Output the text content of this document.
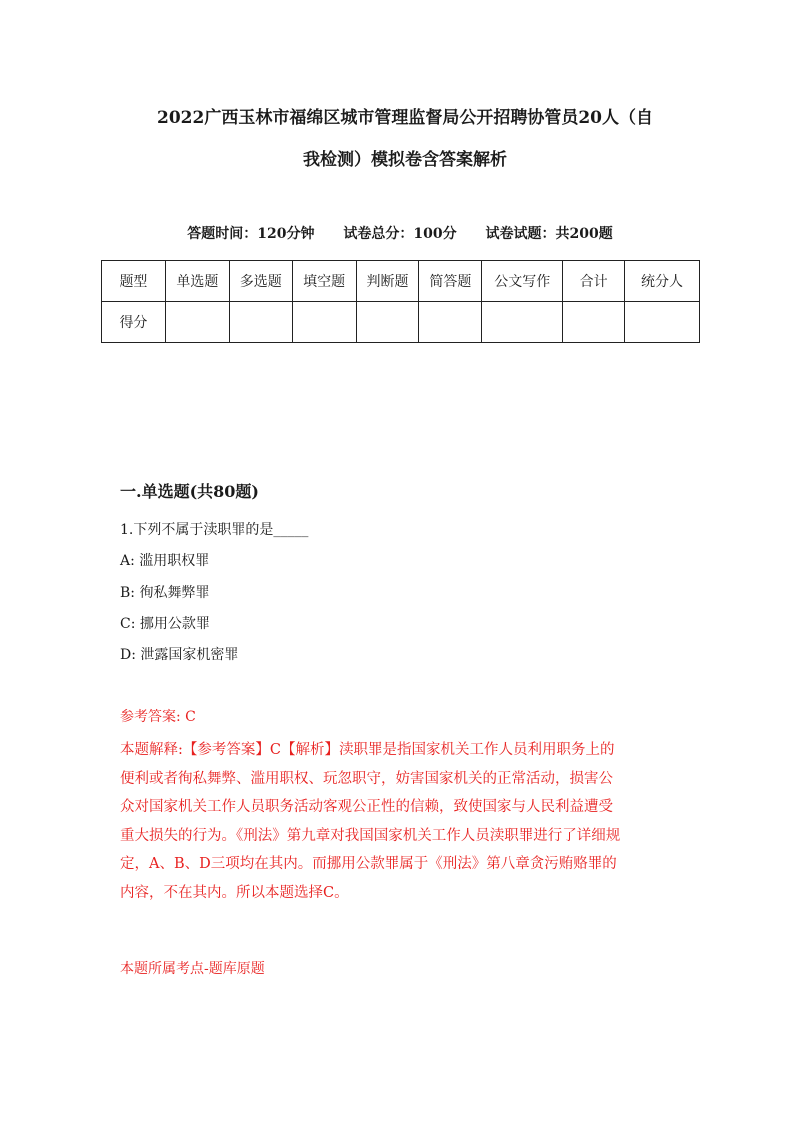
2022广西玉林市福绵区城市管理监督局公开招聘协管员20人（自
我检测）模拟卷含答案解析
答题时间：120分钟 试卷总分：100分 试卷试题：共200题
题型	单选题	多选题	填空题	判断题	简答题	公文写作	合计	统分人
得分								
一.单选题(共80题)
1.下列不属于渎职罪的是_____
A: 滥用职权罪
B: 徇私舞弊罪
C: 挪用公款罪
D: 泄露国家机密罪
参考答案: C
本题解释:【参考答案】C【解析】渎职罪是指国家机关工作人员利用职务上的
便利或者徇私舞弊、滥用职权、玩忽职守，妨害国家机关的正常活动，损害公
众对国家机关工作人员职务活动客观公正性的信赖，致使国家与人民利益遭受
重大损失的行为。《刑法》第九章对我国国家机关工作人员渎职罪进行了详细规
定，A、B、D三项均在其内。而挪用公款罪属于《刑法》第八章贪污贿赂罪的
内容，不在其内。所以本题选择C。
本题所属考点-题库原题
